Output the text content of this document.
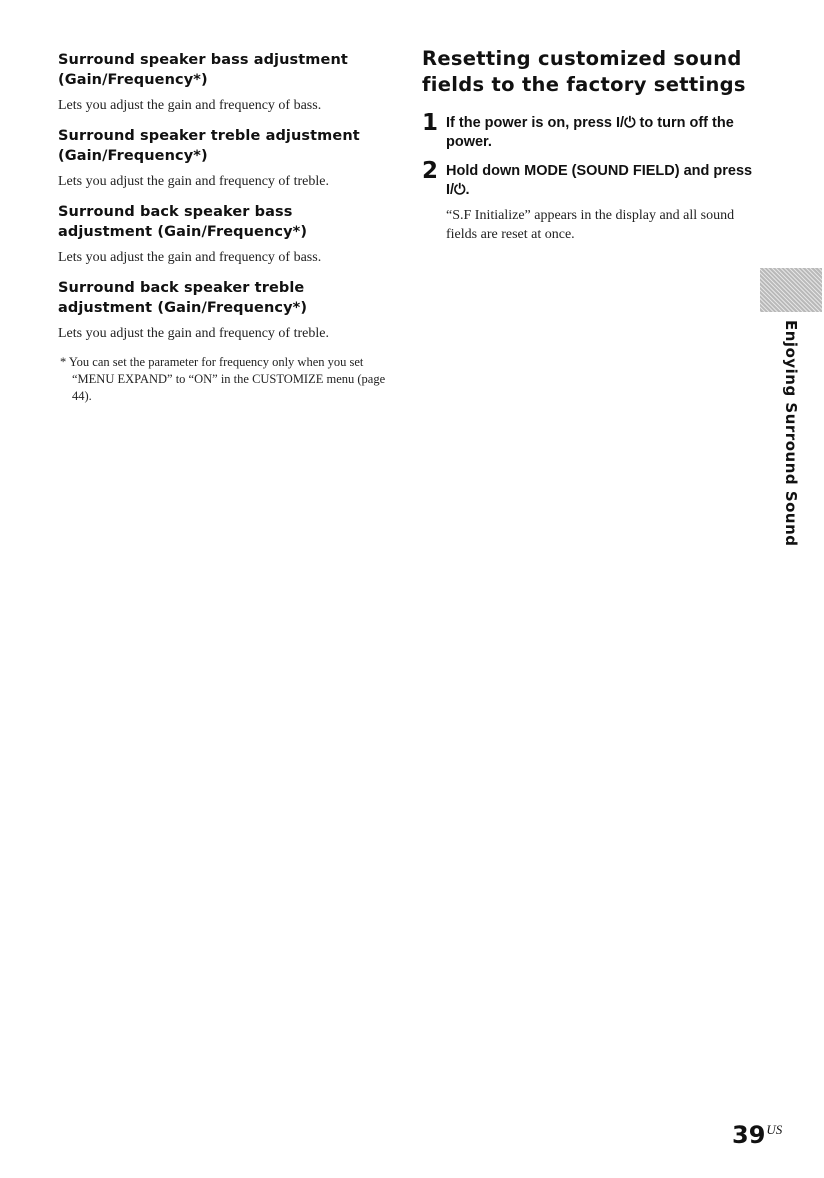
Surround speaker bass adjustment (Gain/Frequency*)

Lets you adjust the gain and frequency of bass.

Surround speaker treble adjustment (Gain/Frequency*)

Lets you adjust the gain and frequency of treble.

Surround back speaker bass adjustment (Gain/Frequency*)

Lets you adjust the gain and frequency of bass.

Surround back speaker treble adjustment (Gain/Frequency*)

Lets you adjust the gain and frequency of treble.

* You can set the parameter for frequency only when you set “MENU EXPAND” to “ON” in the CUSTOMIZE menu (page 44).

Resetting customized sound fields to the factory settings
1 If the power is on, press I/⏻ to turn off the power.
2 Hold down MODE (SOUND FIELD) and press I/⏻.
“S.F Initialize” appears in the display and all sound fields are reset at once.
Enjoying Surround Sound
$39^{US}$
